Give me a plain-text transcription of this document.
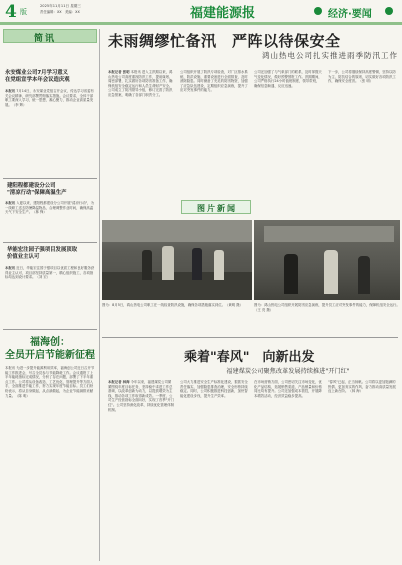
4 版
2025年11月11日 星期三
责任编辑：XX　美编：XX	福建能源报	经济·要闻
简讯
永安煤业公司7月学习意义
在党组宣学本年会议造庆观
本报讯 7月14日，永安煤业党组召开会议，传达学习省委有关会议精神，研究部署贯彻落实措施。会议要求，全体干部职工要深入学习，统一思想，凝心聚力，推动企业高质量发展。（李 辉）
建阳程都建设分公司
"清凉行动"保障高温生产
本报讯 入夏以来，建阳程都建设分公司开展"清凉行动"，为一线职工送去防暑降温物品，合理调整作业时间，确保高温天气下安全生产。（林 锋）
华能宏注园子强项目发展顶取
价值业主认可
本报讯 近日，华能宏注园子强项目以优质工程和良好服务获得业主认可，项目部坚持质量第一，精心组织施工，各项指标均达到设计要求。（刘 宏）
福海创：
全员开启节能新征程
本报讯 为进一步提升能源利用效率，福海创公司近日召开节能工作推进会，号召全员参与节能降耗工作。会议通报了上半年能耗指标完成情况，分析了存在问题，部署了下半年重点工作。公司将从设备改造、工艺优化、管理提升等方面入手，全面推进节能工作，努力实现年度节能目标。员工们纷纷表示，将从自身做起，从点滴做起，为企业节能减排贡献力量。（陈 明）
未雨绸缪忙备汛　严阵以待保安全
鸿山热电公司扎实推进雨季防汛工作
本报记者 张明 本报讯 进入主汛期以来，鸿山热电公司高度重视防汛工作，提前谋划、周密部署，扎实做好各项防汛准备工作，确保机组安全稳定运行和人员生命财产安全。公司成立了防汛领导小组，修订完善了防汛应急预案，明确了各部门职责分工。
公司组织开展了防汛专项检查，对厂区排水系统、防洪设施、重要设备进行全面排查，及时消除隐患。同时储备了充足的防汛物资，加强了应急队伍建设，定期组织应急演练，提升了应对突发事件的能力。
公司还加强了与气象部门的联系，及时掌握天气变化情况，做好预警预报工作。汛期期间，公司严格执行24小时值班制度，领导带班，确保信息畅通、反应迅速。
下一步，公司将继续保持高度警惕，坚持以防为主、防抗结合的原则，切实做好各项防汛工作，确保安全度汛。（张 明）
图片新闻
图为：8月5日，鸿山热电公司职工在一线检查防汛设施，确保各项措施落实到位。（黄明 摄）	图为：鸿山热电公司组织开展防汛应急演练，提升员工应对突发事件的能力，保障机组安全运行。（王 亮 摄）
乘着"春风"　向新出发
福建煤炭公司聚焦改革发展持续推进"开门红"
本报记者 林海 今年以来，福建煤炭公司紧紧围绕年度目标任务，坚持稳中求进工作总基调，以改革创新为动力，以提质增效为主线，推动各项工作取得新成效。一季度，公司生产经营指标全面向好，实现了首季"开门红"。公司坚持深化改革，持续优化管理体制机制。
公司大力推进安全生产标准化建设，狠抓安全责任落实，加强隐患排查治理，安全形势持续稳定。同时，公司积极推进科技创新，加快智能化建设步伐，提升生产效率。
在市场营销方面，公司密切关注市场变化，优化产品结构，拓展销售渠道，产品销量和价格同比均有提升。公司还加强成本管控，开展降本增效活动，经济效益稳步提高。
"春风"已起，正当扬帆。公司将以更加饱满的热情、更加务实的作风，奋力推动高质量发展迈上新台阶。（林 海）
